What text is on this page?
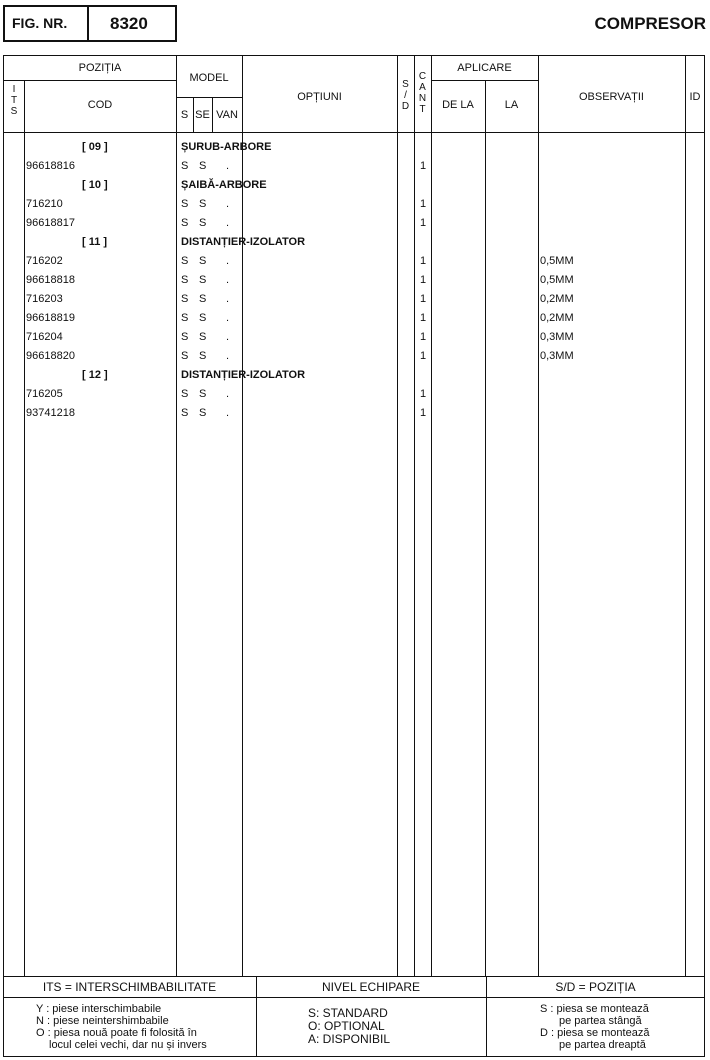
FIG. NR.	8320	COMPRESOR
POZIȚIA
I
T
S
COD
MODEL
S SE VAN
OPȚIUNI
S
/
D
C
A
N
T
APLICARE
DE LA	LA
OBSERVAȚII	ID
[ 09 ]	ȘURUB-ARBORE
96618816	S S .	1
[ 10 ]	ȘAIBĂ-ARBORE
716210	S S .	1
96618817	S S .	1
[ 11 ]	DISTANȚIER-IZOLATOR
716202	S S .	1	0,5MM
96618818	S S .	1	0,5MM
716203	S S .	1	0,2MM
96618819	S S .	1	0,2MM
716204	S S .	1	0,3MM
96618820	S S .	1	0,3MM
[ 12 ]	DISTANȚIER-IZOLATOR
716205	S S .	1
93741218	S S .	1
ITS = INTERSCHIMBABILITATE
Y : piese interschimbabile
N : piese neintershimbabile
O : piesa nouă poate fi folosită în
locul celei vechi, dar nu și invers
NIVEL ECHIPARE
S: STANDARD
O: OPTIONAL
A: DISPONIBIL
S/D = POZIȚIA
S : piesa se montează
pe partea stângă
D : piesa se montează
pe partea dreaptă
